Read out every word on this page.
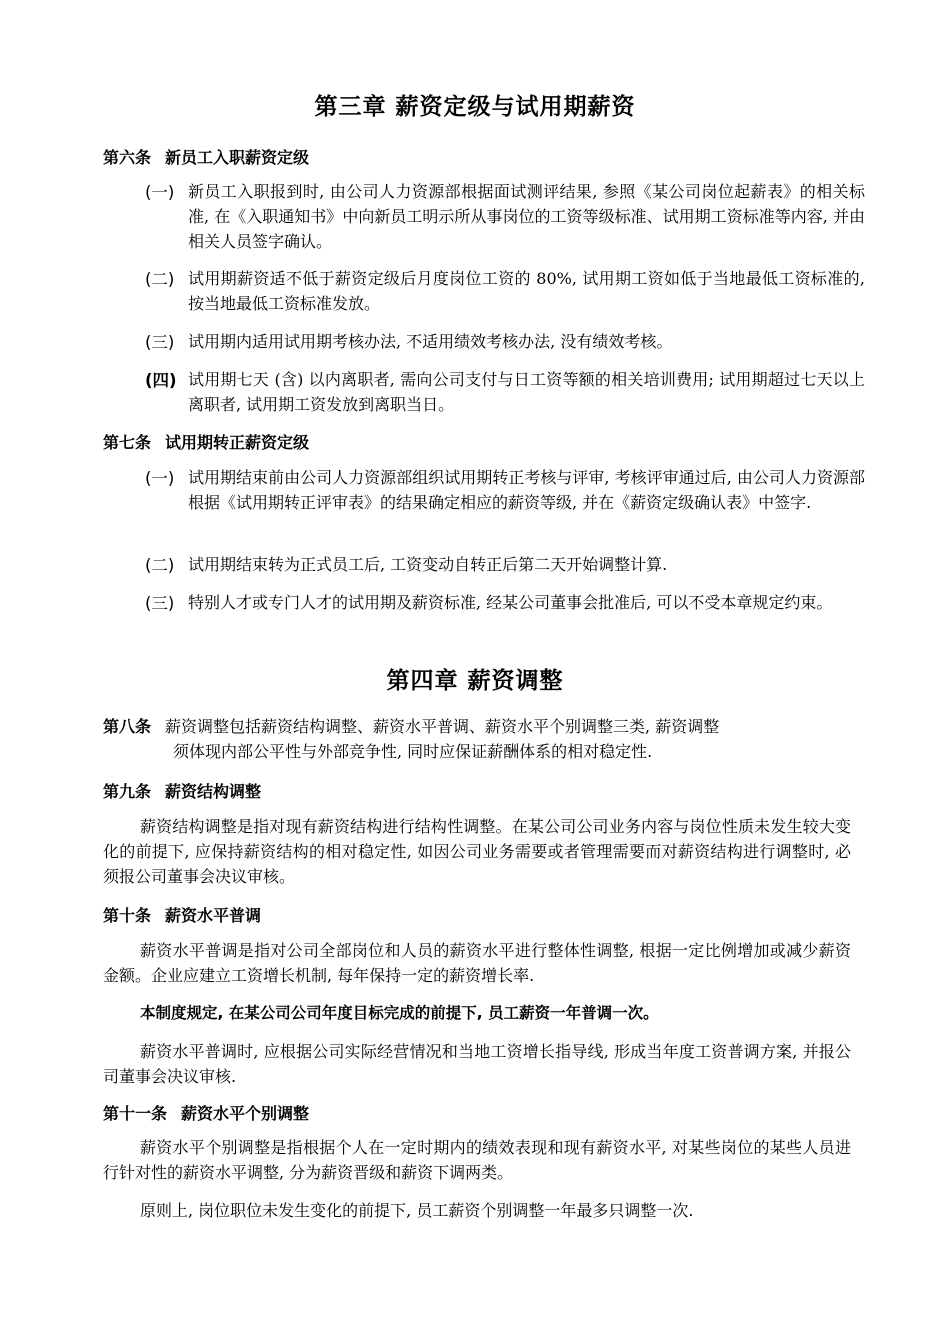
第三章 薪资定级与试用期薪资
第六条 新员工入职薪资定级
(一) 新员工入职报到时, 由公司人力资源部根据面试测评结果, 参照《某公司岗位起薪表》的相关标准, 在《入职通知书》中向新员工明示所从事岗位的工资等级标准、试用期工资标准等内容, 并由相关人员签字确认。
(二) 试用期薪资适不低于薪资定级后月度岗位工资的 80%, 试用期工资如低于当地最低工资标准的, 按当地最低工资标准发放。
(三) 试用期内适用试用期考核办法, 不适用绩效考核办法, 没有绩效考核。
(四) 试用期七天 (含) 以内离职者, 需向公司支付与日工资等额的相关培训费用; 试用期超过七天以上离职者, 试用期工资发放到离职当日。
第七条 试用期转正薪资定级
(一) 试用期结束前由公司人力资源部组织试用期转正考核与评审, 考核评审通过后, 由公司人力资源部根据《试用期转正评审表》的结果确定相应的薪资等级, 并在《薪资定级确认表》中签字.
(二) 试用期结束转为正式员工后, 工资变动自转正后第二天开始调整计算.
(三) 特别人才或专门人才的试用期及薪资标准, 经某公司董事会批准后, 可以不受本章规定约束。
第四章 薪资调整
第八条 薪资调整包括薪资结构调整、薪资水平普调、薪资水平个别调整三类, 薪资调整
须体现内部公平性与外部竞争性, 同时应保证薪酬体系的相对稳定性.
第九条 薪资结构调整
薪资结构调整是指对现有薪资结构进行结构性调整。在某公司公司业务内容与岗位性质未发生较大变化的前提下, 应保持薪资结构的相对稳定性, 如因公司业务需要或者管理需要而对薪资结构进行调整时, 必须报公司董事会决议审核。
第十条 薪资水平普调
薪资水平普调是指对公司全部岗位和人员的薪资水平进行整体性调整, 根据一定比例增加或减少薪资金额。企业应建立工资增长机制, 每年保持一定的薪资增长率.
本制度规定, 在某公司公司年度目标完成的前提下, 员工薪资一年普调一次。
薪资水平普调时, 应根据公司实际经营情况和当地工资增长指导线, 形成当年度工资普调方案, 并报公司董事会决议审核.
第十一条 薪资水平个别调整
薪资水平个别调整是指根据个人在一定时期内的绩效表现和现有薪资水平, 对某些岗位的某些人员进行针对性的薪资水平调整, 分为薪资晋级和薪资下调两类。
原则上, 岗位职位未发生变化的前提下, 员工薪资个别调整一年最多只调整一次.
